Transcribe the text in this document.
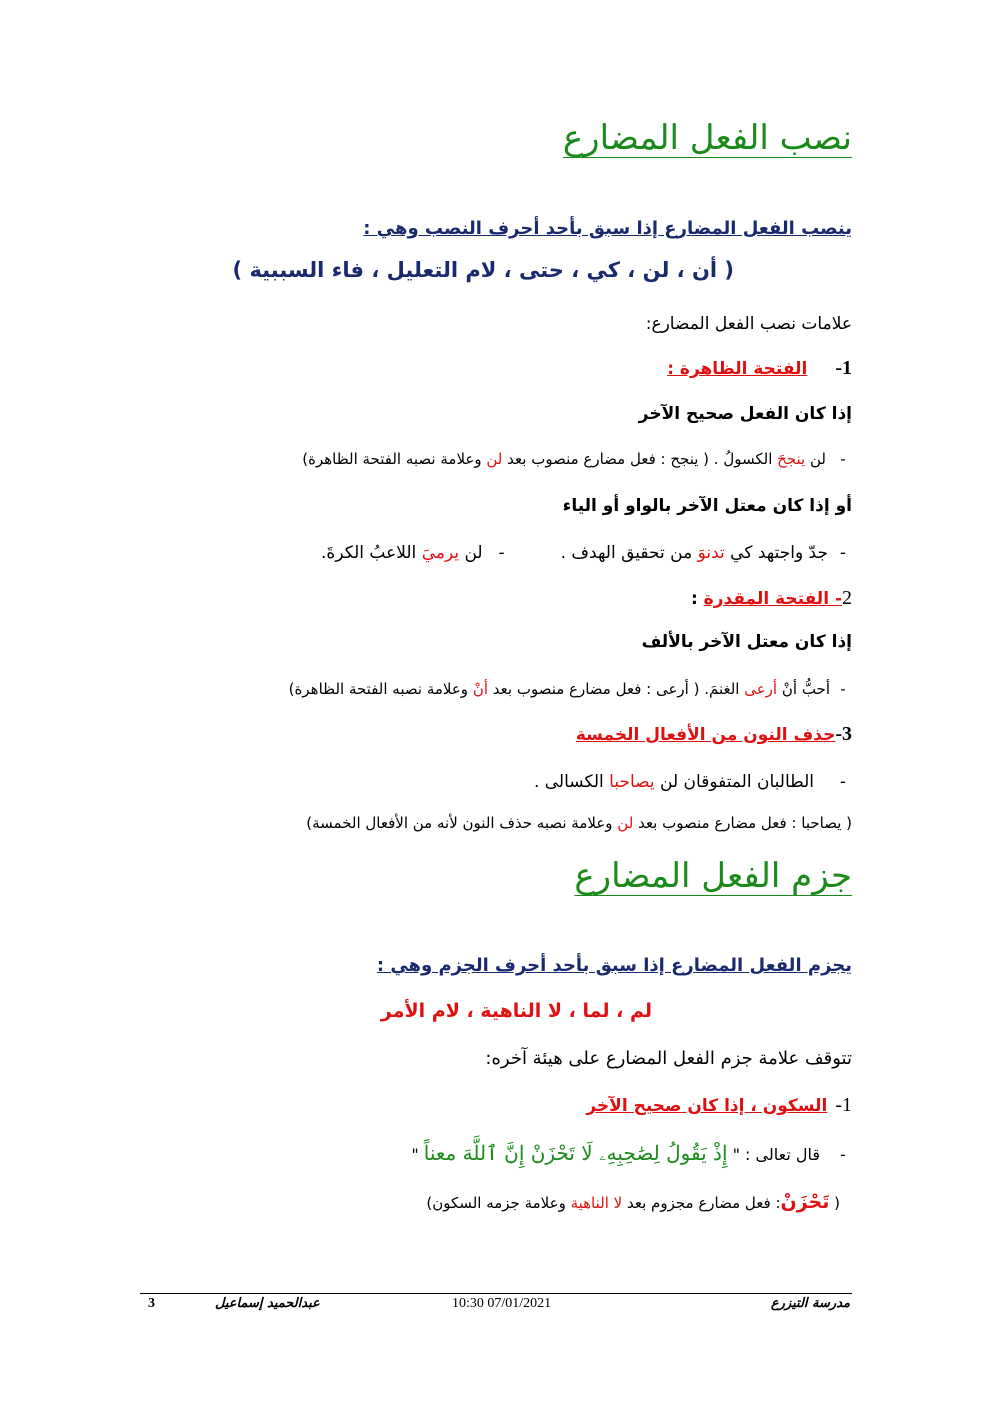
نصب الفعل المضارع
ينصب الفعل المضارع إذا سبق بأحد أحرف النصب وهي :
( أن ، لن ، كي ، حتى ، لام التعليل ، فاء السببية )
علامات نصب الفعل المضارع:
1-الفتحة الظاهرة :
إذا كان الفعل صحيح الآخر
-لن ينجحَ الكسولُ . ( ينجح : فعل مضارع منصوب بعد لن وعلامة نصبه الفتحة الظاهرة)
أو إذا كان معتل الآخر بالواو أو الياء
-جدّ واجتهد كي تدنوَ من تحقيق الهدف .-لن يرميَ اللاعبُ الكرةَ.
2- الفتحة المقدرة :
إذا كان معتل الآخر بالألف
-أحبُّ أنْ أرعى الغنمَ. ( أرعى : فعل مضارع منصوب بعد أنْ وعلامة نصبه الفتحة الظاهرة)
3-حذف النون من الأفعال الخمسة
-الطالبان المتفوقان لن يصاحبا الكسالى .
( يصاحبا : فعل مضارع منصوب بعد لن وعلامة نصبه حذف النون لأنه من الأفعال الخمسة)
جزم الفعل المضارع
يجزم الفعل المضارع إذا سبق بأحد أحرف الجزم وهي :
لم ، لما ، لا الناهية ، لام الأمر
تتوقف علامة جزم الفعل المضارع على هيئة آخره:
1-السكون ، إذا كان صحيح الآخر
-قال تعالى : " إِذْ يَقُولُ لِصَٰحِبِهِۦ لَا تَحْزَنْ إِنَّ ٱللَّهَ معناً "
( تَحْزَنْ: فعل مضارع مجزوم بعد لا الناهية وعلامة جزمه السكون)
مدرسة التيزرع
10:30 07/01/2021
عبدالحميد إسماعيل
3
